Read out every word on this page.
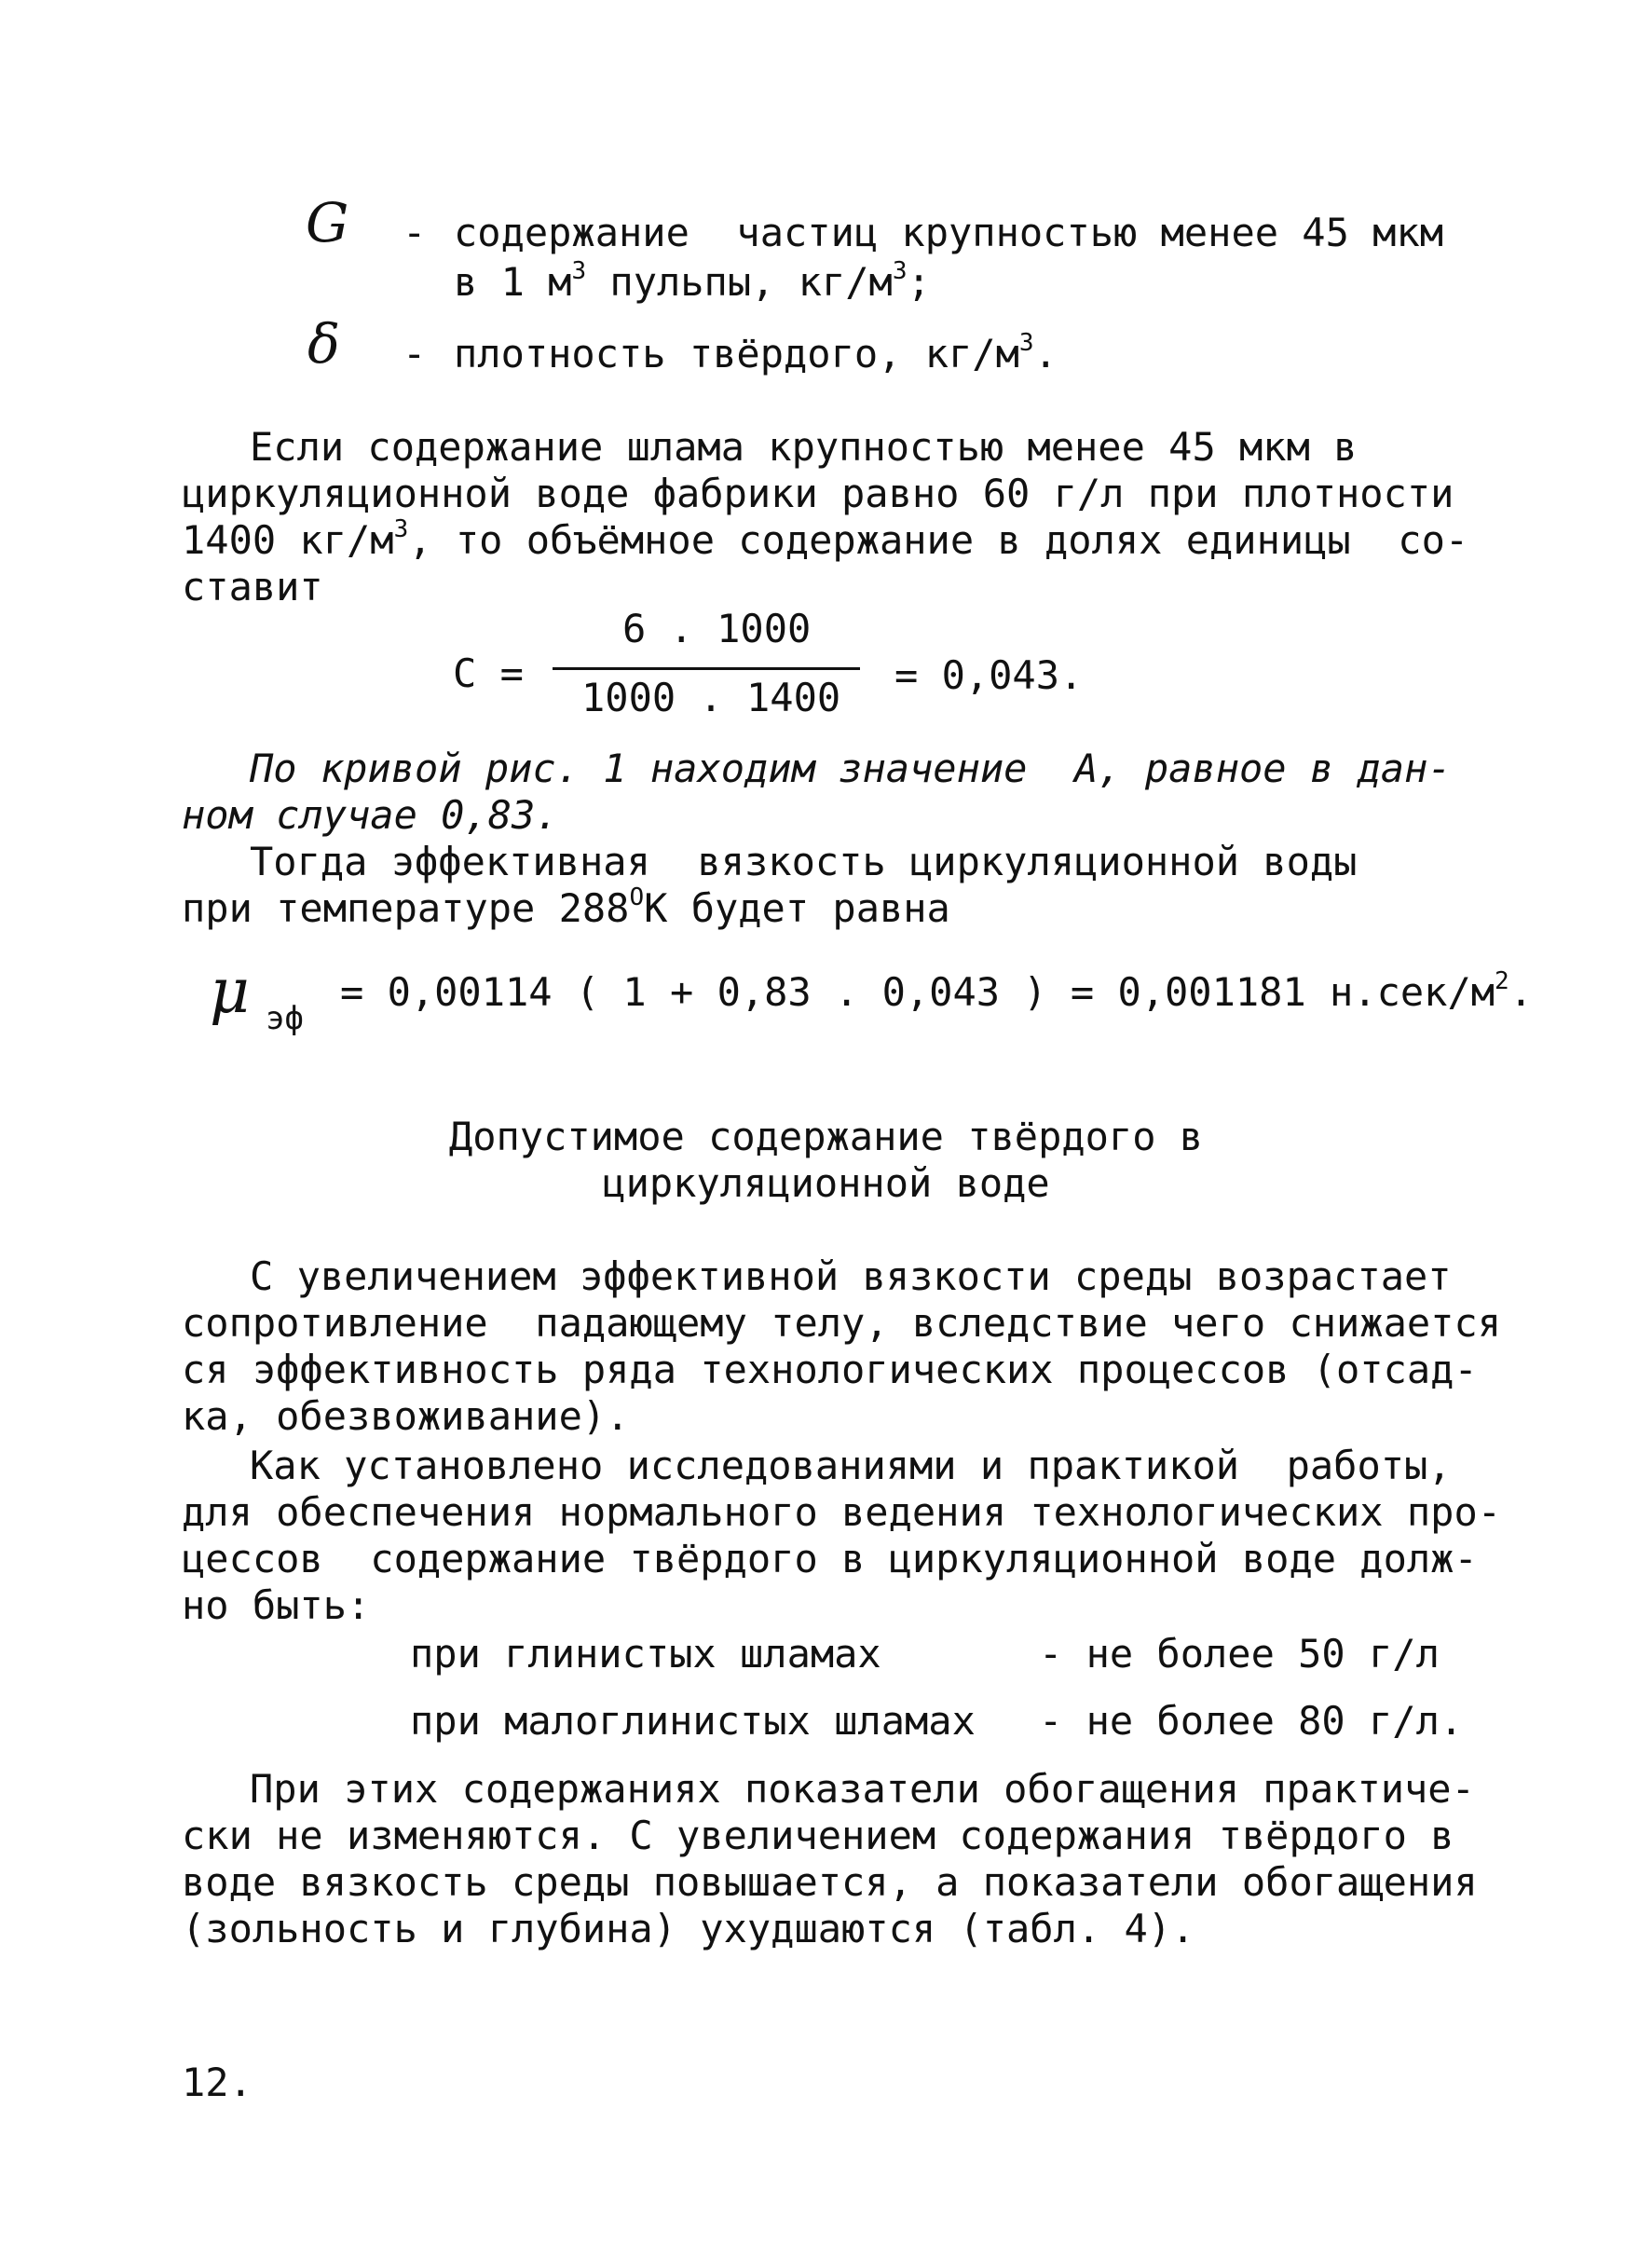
G - содержание  частиц крупностью менее 45 мкм
в 1 $м^3$ пульпы, $кг/м^3$;
δ - плотность твёрдого, $кг/м^3$.
Если содержание шлама крупностью менее 45 мкм в
циркуляционной воде фабрики равно 60 г/л при плотности
1400 $кг/м^3$, то объёмное содержание в долях единицы  со-
ставит
6 . 1000
C =
1000 . 1400 = 0,043.
По кривой рис. 1 находим значение  А, равное в дан-
ном случае 0,83.
Тогда эффективная  вязкость циркуляционной воды
при температуре $288^OК$ будет равна
μ эф
= 0,00114 ( 1 + 0,83 . 0,043 ) = 0,001181 $н.сек/м^2$.
Допустимое содержание твёрдого в
циркуляционной воде
С увеличением эффективной вязкости среды возрастает
сопротивление  падающему телу, вследствие чего снижается
ся эффективность ряда технологических процессов (отсад-
ка, обезвоживание).
Как установлено исследованиями и практикой  работы,
для обеспечения нормального ведения технологических про-
цессов  содержание твёрдого в циркуляционной воде долж-
но быть:
при глинистых шламах	- не более 50 г/л
при малоглинистых шламах - не более 80 г/л.
При этих содержаниях показатели обогащения практиче-
ски не изменяются. С увеличением содержания твёрдого в
воде вязкость среды повышается, а показатели обогащения
(зольность и глубина) ухудшаются (табл. 4).
12.
